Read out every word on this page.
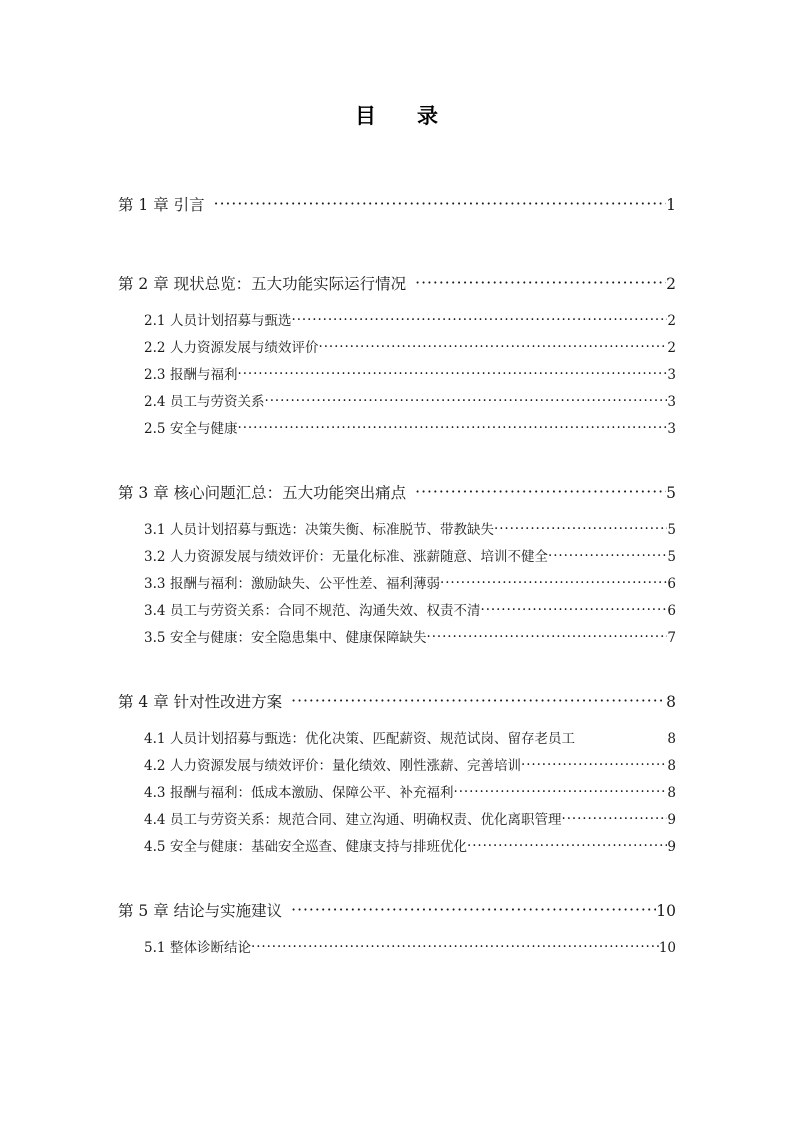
目　录
第 1 章 引言 ·····	1
第 2 章 现状总览：五大功能实际运行情况 ·····	2
2.1 人员计划招募与甄选 ·····	2
2.2 人力资源发展与绩效评价 ·····	2
2.3 报酬与福利 ·····	3
2.4 员工与劳资关系 ·····	3
2.5 安全与健康 ·····	3
第 3 章 核心问题汇总：五大功能突出痛点 ·····	5
3.1 人员计划招募与甄选：决策失衡、标准脱节、带教缺失 ·····	5
3.2 人力资源发展与绩效评价：无量化标准、涨薪随意、培训不健全 ·····	5
3.3 报酬与福利：激励缺失、公平性差、福利薄弱 ·····	6
3.4 员工与劳资关系：合同不规范、沟通失效、权责不清 ·····	6
3.5 安全与健康：安全隐患集中、健康保障缺失 ·····	7
第 4 章 针对性改进方案 ·····	8
4.1 人员计划招募与甄选：优化决策、匹配薪资、规范试岗、留存老员工	8
4.2 人力资源发展与绩效评价：量化绩效、刚性涨薪、完善培训 ·····	8
4.3 报酬与福利：低成本激励、保障公平、补充福利 ·····	8
4.4 员工与劳资关系：规范合同、建立沟通、明确权责、优化离职管理 ·····	9
4.5 安全与健康：基础安全巡查、健康支持与排班优化 ·····	9
第 5 章 结论与实施建议 ·····	10
5.1 整体诊断结论 ·····	10
